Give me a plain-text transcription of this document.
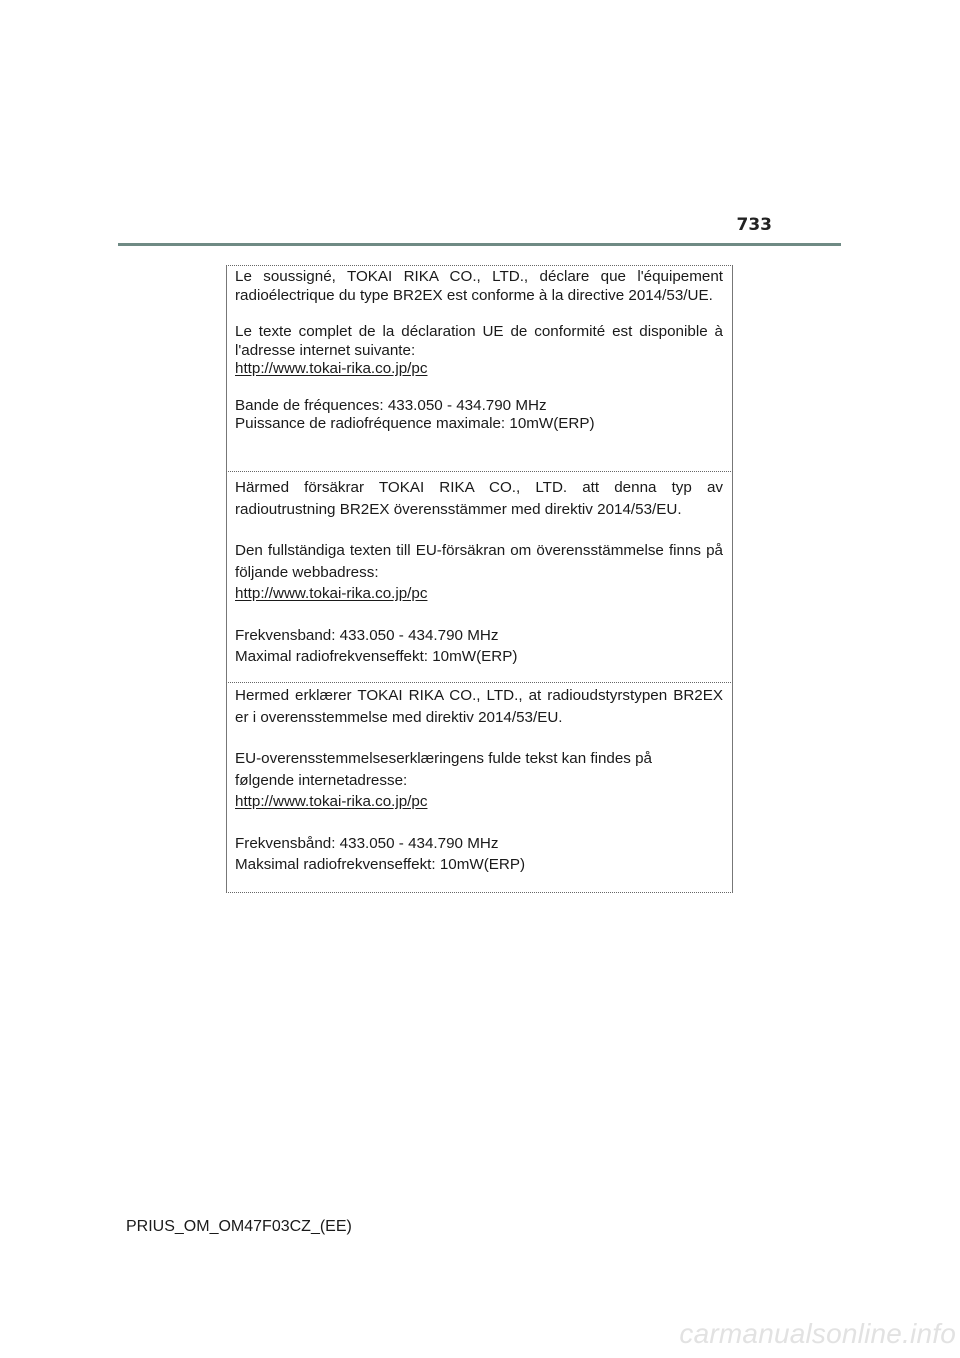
733

Le soussigné, TOKAI RIKA CO., LTD., déclare que l'équipement radioélectrique du type BR2EX est conforme à la directive 2014/53/UE.

Le texte complet de la déclaration UE de conformité est disponible à l'adresse internet suivante:

http://www.tokai-rika.co.jp/pc

Bande de fréquences: 433.050 - 434.790 MHz

Puissance de radiofréquence maximale: 10mW(ERP)

Härmed försäkrar TOKAI RIKA CO., LTD. att denna typ av radioutrustning BR2EX överensstämmer med direktiv 2014/53/EU.

Den fullständiga texten till EU-försäkran om överensstämmelse finns på följande webbadress:

http://www.tokai-rika.co.jp/pc

Frekvensband: 433.050 - 434.790 MHz

Maximal radiofrekvenseffekt: 10mW(ERP)

Hermed erklærer TOKAI RIKA CO., LTD., at radioudstyrstypen BR2EX er i overensstemmelse med direktiv 2014/53/EU.

EU-overensstemmelseserklæringens fulde tekst kan findes på

følgende internetadresse:

http://www.tokai-rika.co.jp/pc

Frekvensbånd: 433.050 - 434.790 MHz

Maksimal radiofrekvenseffekt: 10mW(ERP)

PRIUS_OM_OM47F03CZ_(EE)
carmanualsonline.info
